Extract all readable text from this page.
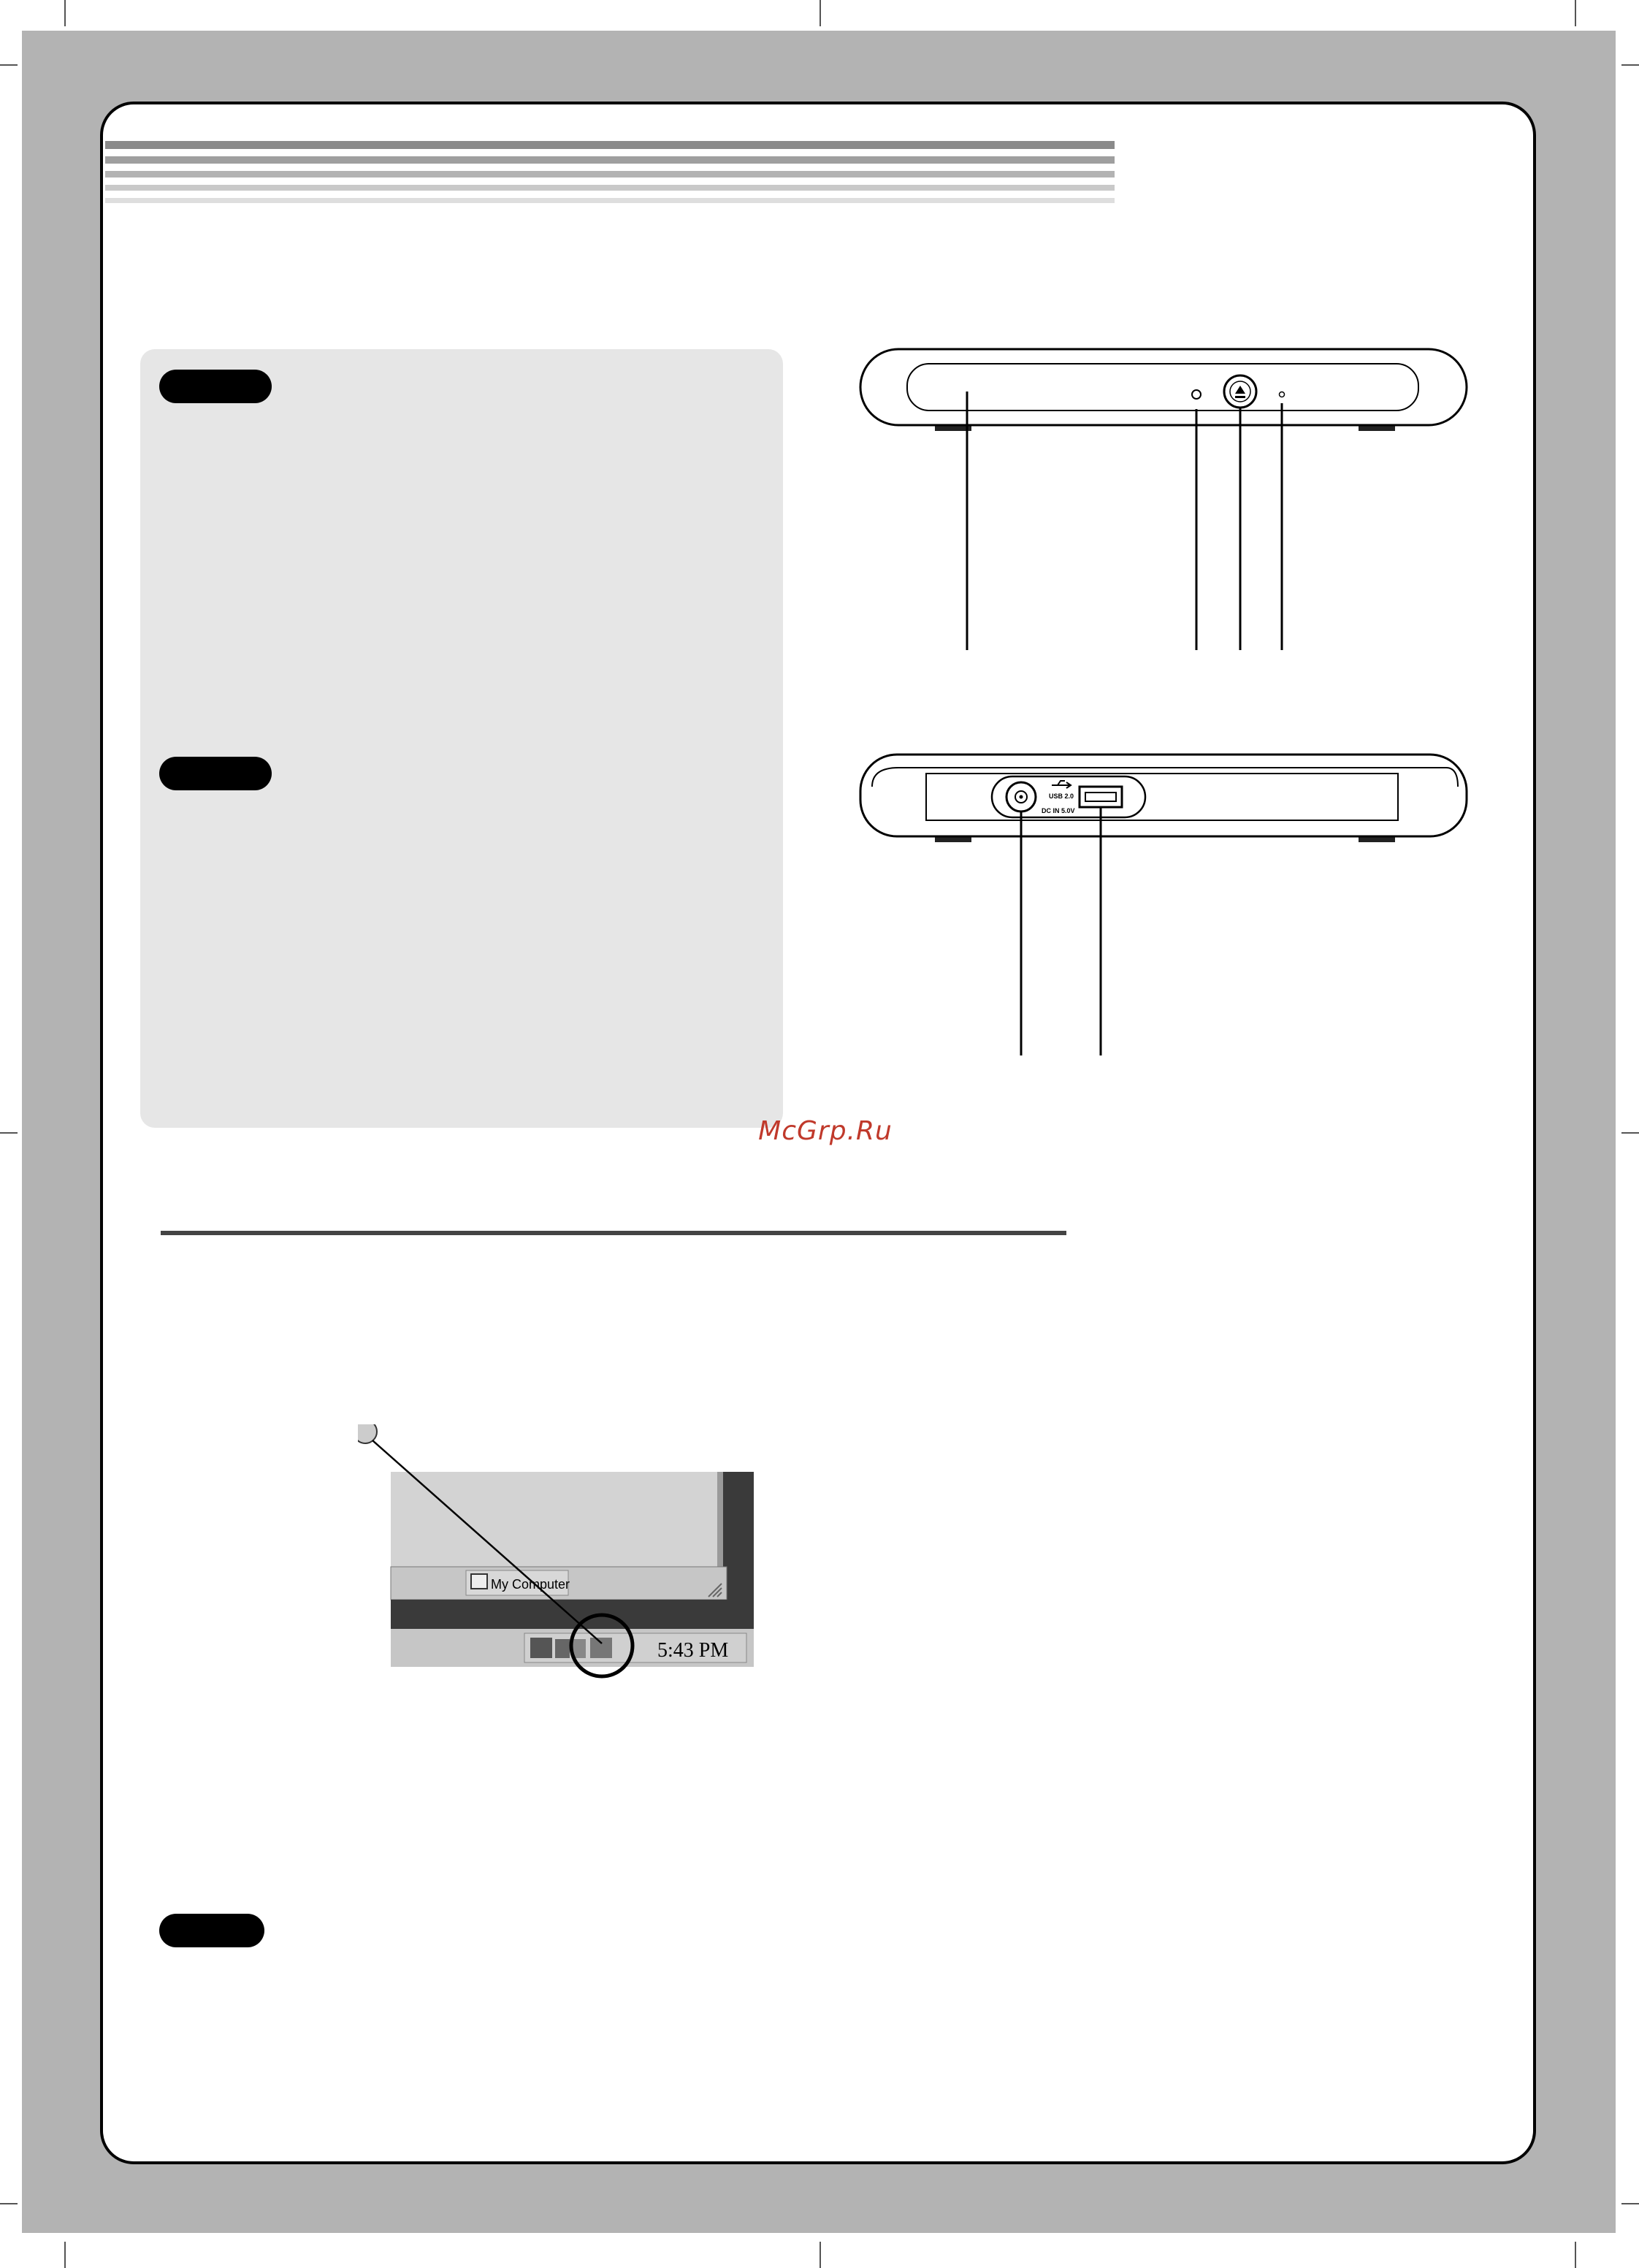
USB 2.0
DC IN 5.0V
McGrp.Ru
My Computer
5:43 PM
